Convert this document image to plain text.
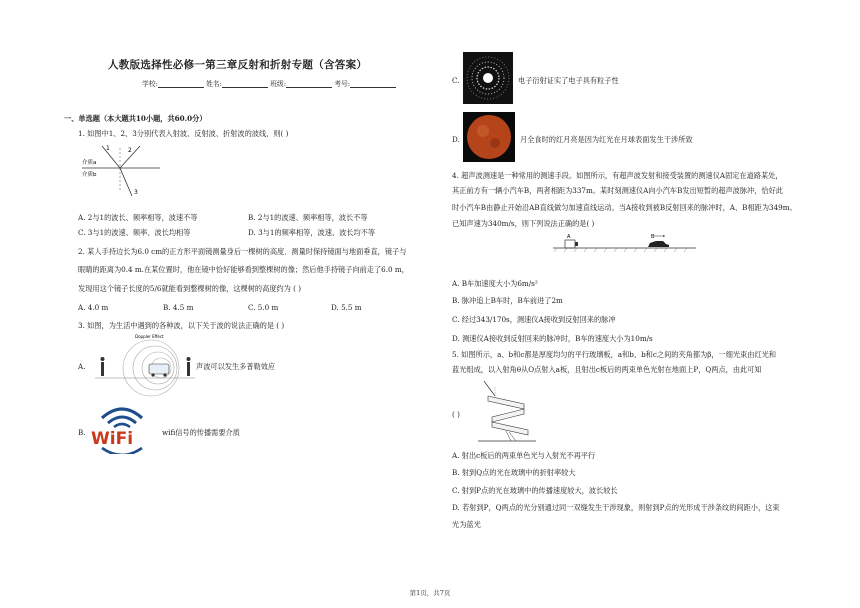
人教版选择性必修一第三章反射和折射专题（含答案）
学校:	姓名:	班级:	考号:
一、单选题（本大题共10小题，共60.0分）
1. 如图中1、2、3分别代表入射波、反射波、折射波的波线，则( )
1	2
3
介质a
介质b
A. 2与1的波长、频率相等，波速不等	B. 2与1的波速、频率相等，波长不等
C. 3与1的波速、频率、波长均相等	D. 3与1的频率相等，波速、波长均不等
2. 某人手持边长为6.0 cm的正方形平面镜测量身后一棵树的高度．测量时保持镜面与地面垂直，镜子与
眼睛的距离为0.4 m.在某位置时，他在镜中恰好能够看到整棵树的像；然后他手持镜子向前走了6.0 m，
发现用这个镜子长度的5/6就能看到整棵树的像，这棵树的高度约为 ( )
A. 4.0 m	B. 4.5 m	C. 5.0 m	D. 5.5 m
3. 如图，为生活中遇到的各种波，以下关于波的说法正确的是 ( )
A.
Doppler Effect
声波可以发生多普勒效应
B. WiFi	wifi信号的传播需要介质
C.	电子衍射证实了电子具有粒子性
D.	月全食时的红月亮是因为红光在月球表面发生干涉所致
4. 超声波测速是一种常用的测速手段。如图所示，有超声波发射和接受装置的测速仪A固定在道路某处，
其正前方有一辆小汽车B，两者相距为337m。某时刻测速仪A向小汽车B发出短暂的超声波脉冲，恰好此
时小汽车B由静止开始沿AB直线做匀加速直线运动。当A接收到被B反射回来的脉冲时，A、B相距为349m。
已知声速为340m/s，则下列说法正确的是( )
A	B
A. B车加速度大小为6m/s²
B. 脉冲追上B车时，B车前进了2m
C. 经过343/170s，测速仪A接收到反射回来的脉冲
D. 测速仪A接收到反射回来的脉冲时，B车的速度大小为10m/s
5. 如图所示，a、b和c都是厚度均匀的平行玻璃板，a和b、b和c之间的夹角都为β，一细光束由红光和
蓝光组成，以入射角θ从O点射入a板，且射出c板后的两束单色光射在地面上P，Q两点，由此可知
( )
A. 射出c板后的两束单色光与入射光不再平行
B. 射到Q点的光在玻璃中的折射率较大
C. 射到P点的光在玻璃中的传播速度较大，波长较长
D. 若射到P，Q两点的光分别通过同一双缝发生干涉现象，则射到P点的光形成干涉条纹的间距小，这束
光为蓝光
第1页，共7页
